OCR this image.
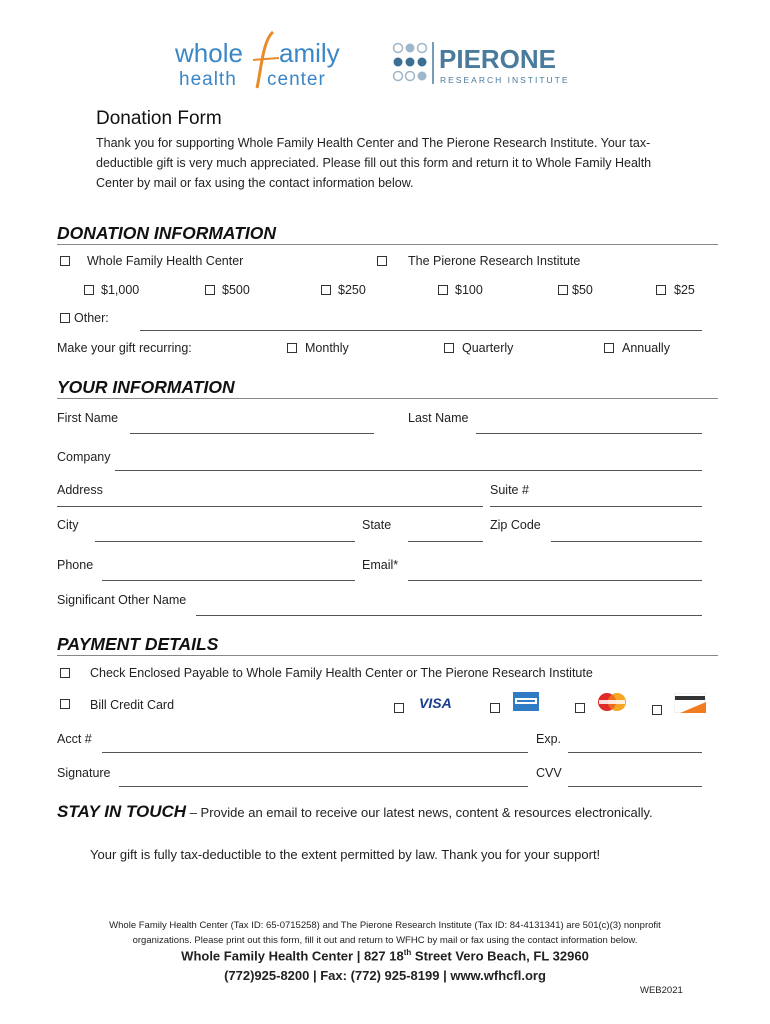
whole amily
health center
PIERONE
RESEARCH INSTITUTE
Donation Form
Thank you for supporting Whole Family Health Center and The Pierone Research Institute. Your tax-
deductible gift is very much appreciated. Please fill out this form and return it to Whole Family Health
Center by mail or fax using the contact information below.
DONATION INFORMATION
Whole Family Health Center	The Pierone Research Institute
$1,000	$500	$250	$100	$50	$25
Other:
Make your gift recurring:	Monthly	Quarterly	Annually
YOUR INFORMATION
First Name	Last Name
Company
Address	Suite #
City	State	Zip Code
Phone	Email*
Significant Other Name
PAYMENT DETAILS
Check Enclosed Payable to Whole Family Health Center or The Pierone Research Institute
Bill Credit Card	VISA
Acct #	Exp.
Signature	CVV
STAY IN TOUCH – Provide an email to receive our latest news, content & resources electronically.
Your gift is fully tax-deductible to the extent permitted by law. Thank you for your support!
Whole Family Health Center (Tax ID: 65-0715258) and The Pierone Research Institute (Tax ID: 84-4131341) are 501(c)(3) nonprofit
organizations. Please print out this form, fill it out and return to WFHC by mail or fax using the contact information below.
Whole Family Health Center | 827 18th Street Vero Beach, FL 32960
(772)925-8200 | Fax: (772) 925-8199 | www.wfhcfl.org
WEB2021
